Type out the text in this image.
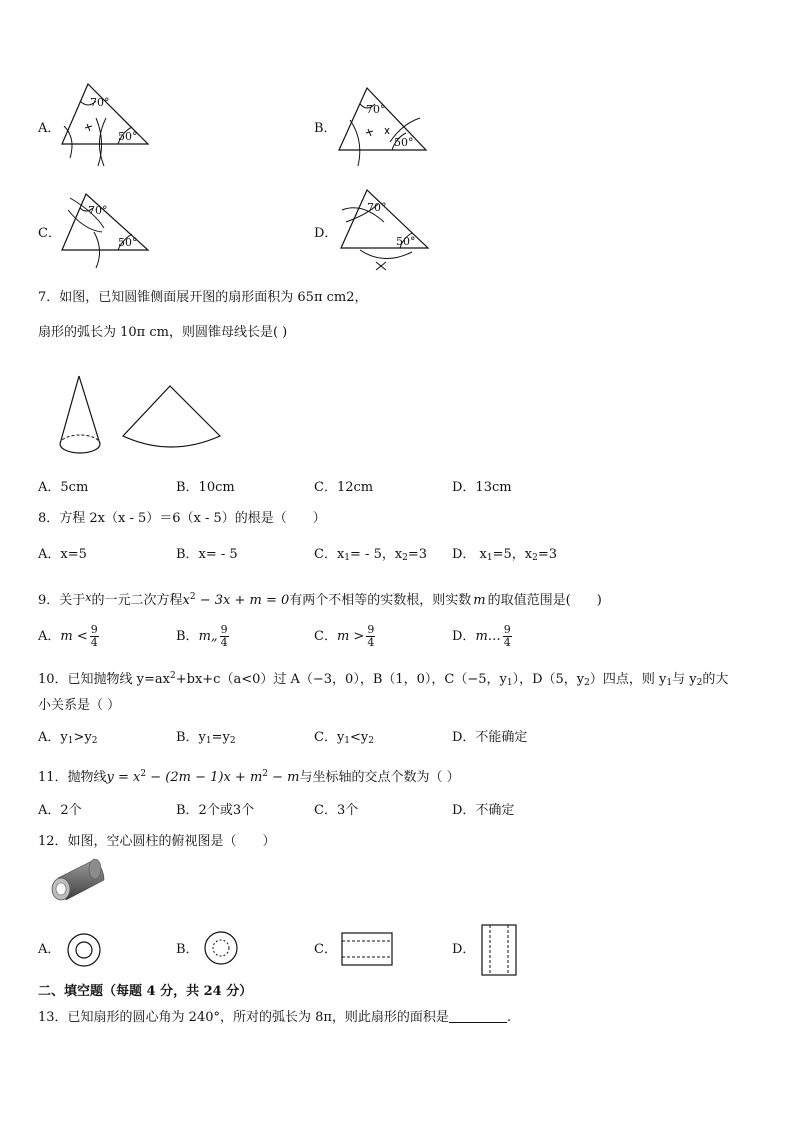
A．
70°
50°
B．
70°
50°
C．
70°
50°
D．
70°
50°
7．如图，已知圆锥侧面展开图的扇形面积为 65π cm2，
扇形的弧长为 10π cm，则圆锥母线长是( )
A．5cm	B．10cm	C．12cm	D．13cm
8．方程 2x（x - 5）＝6（x - 5）的根是（　　）
A．x=5	B．x= - 5	C．$x_1= - 5$，$x_2=3$ D． $x_1=5$，$x_2=3$
9．关于$^x$的一元二次方程$x^2 - 3x + m = 0$有两个不相等的实数根，则实数 m 的取值范围是(　　)
A．$m < \frac{9}{4}$	B．m„ $\frac{9}{4}$	C．$m > \frac{9}{4}$	D．m… $\frac{9}{4}$
10．已知抛物线 $y=ax^2+bx+c(a<0)$过 A（−3，0），B（1，0），C（−5，$y_1$），D（5，$y_2$）四点，则 $y_1$与 $y_2$的大
小关系是（ ）
A．$y_1>y_2$	B．$y_1=y_2$	C．$y_1<y_2$	D．不能确定
11．抛物线$y = x^2 - (2m - 1)x + m^2 - m$与坐标轴的交点个数为（ ）
A．2个	B．2个或3个	C．3个	D．不确定
12．如图，空心圆柱的俯视图是（　　）
A．	B．	C．	D．
二、填空题（每题 4 分，共 24 分）
13．已知扇形的圆心角为 240°，所对的弧长为 8π，则此扇形的面积是	.
